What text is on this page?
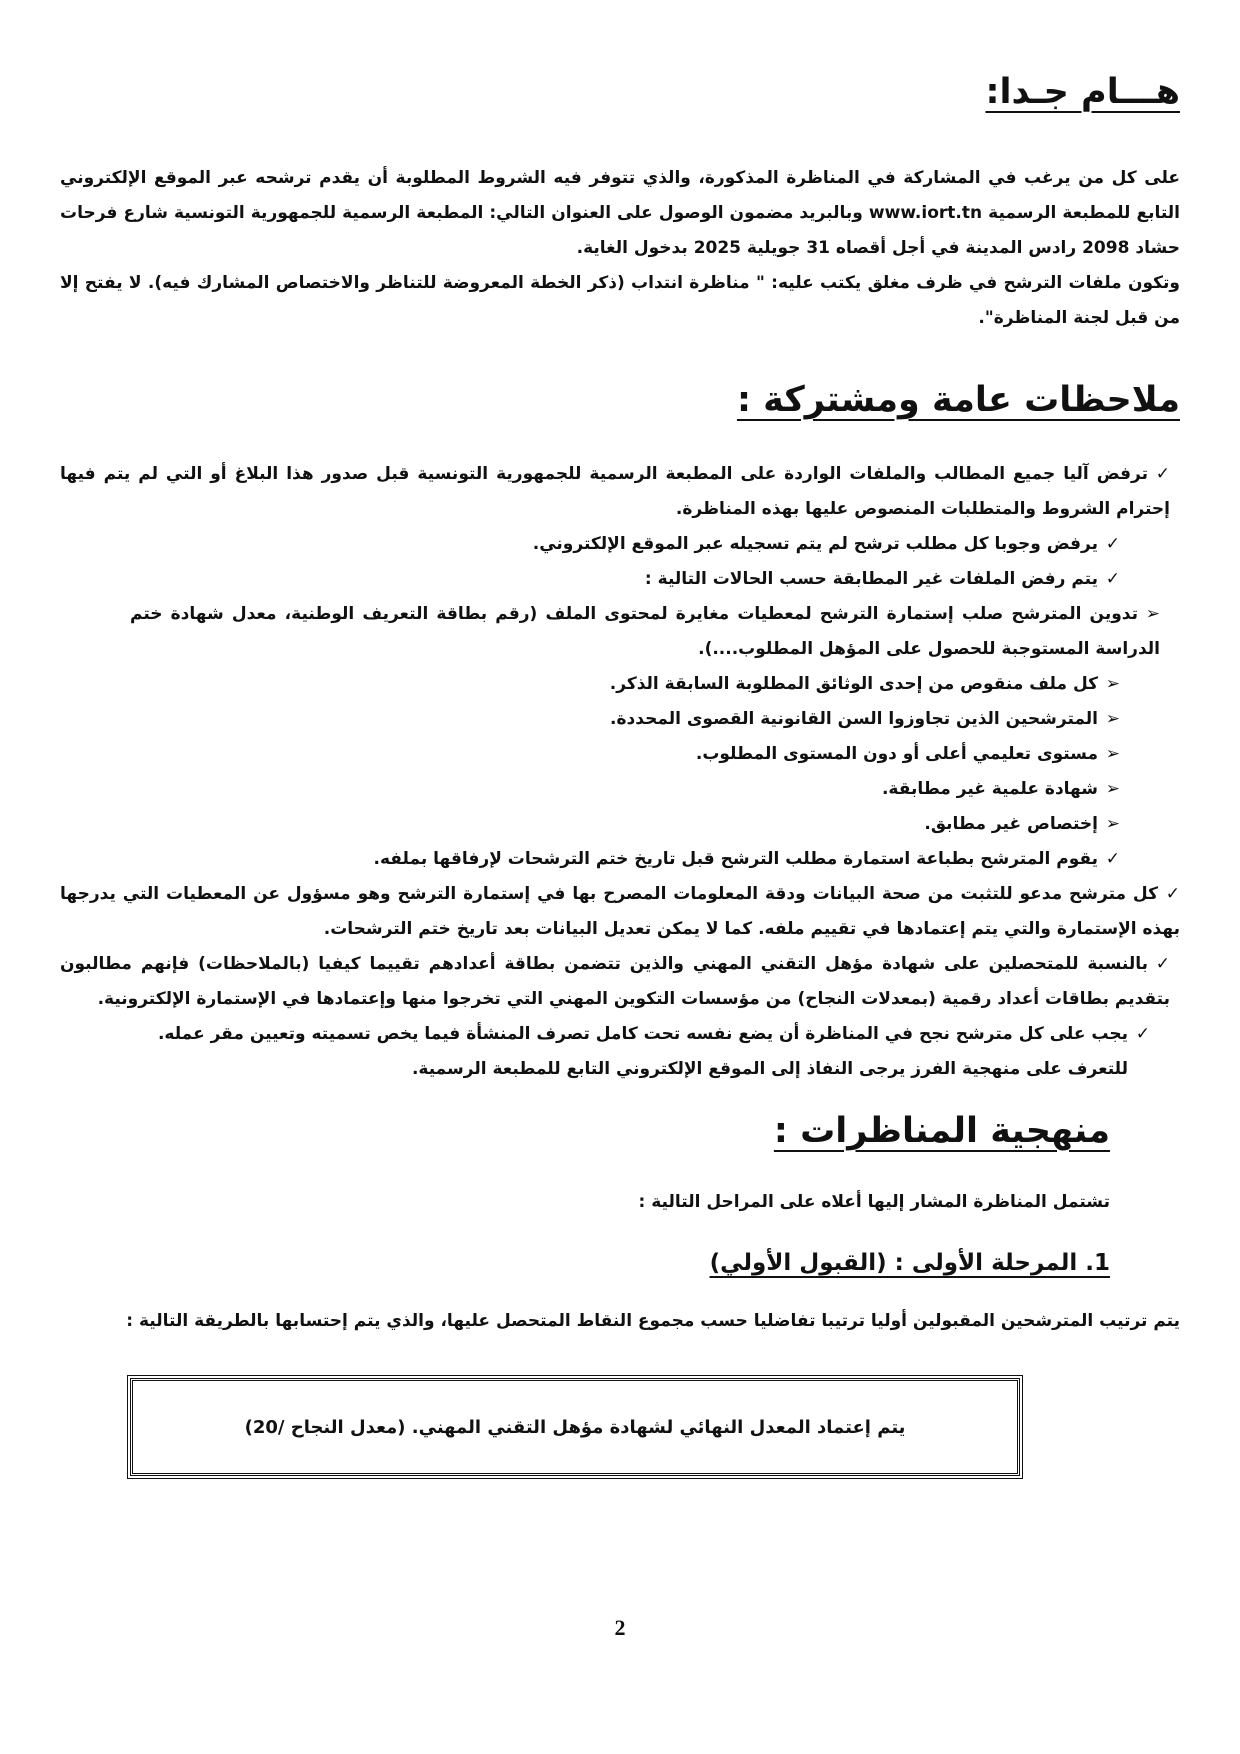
هـــام جـدا:

على كل من يرغب في المشاركة في المناظرة المذكورة، والذي تتوفر فيه الشروط المطلوبة أن يقدم ترشحه عبر الموقع الإلكتروني التابع للمطبعة الرسمية www.iort.tn وبالبريد مضمون الوصول على العنوان التالي: المطبعة الرسمية للجمهورية التونسية شارع فرحات حشاد 2098 رادس المدينة في أجل أقصاه 31 جويلية 2025 بدخول الغاية.

وتكون ملفات الترشح في ظرف مغلق يكتب عليه: " مناظرة انتداب (ذكر الخطة المعروضة للتناظر والاختصاص المشارك فيه). لا يفتح إلا من قبل لجنة المناظرة".

ملاحظات عامة ومشتركة :

✓ترفض آليا جميع المطالب والملفات الواردة على المطبعة الرسمية للجمهورية التونسية قبل صدور هذا البلاغ أو التي لم يتم فيها إحترام الشروط والمتطلبات المنصوص عليها بهذه المناظرة.

✓يرفض وجوبا كل مطلب ترشح لم يتم تسجيله عبر الموقع الإلكتروني.

✓يتم رفض الملفات غير المطابقة حسب الحالات التالية :

➢تدوين المترشح صلب إستمارة الترشح لمعطيات مغايرة لمحتوى الملف (رقم بطاقة التعريف الوطنية، معدل شهادة ختم الدراسة المستوجبة للحصول على المؤهل المطلوب....).

➢كل ملف منقوص من إحدى الوثائق المطلوبة السابقة الذكر.

➢المترشحين الذين تجاوزوا السن القانونية القصوى المحددة.

➢مستوى تعليمي أعلى أو دون المستوى المطلوب.

➢شهادة علمية غير مطابقة.

➢إختصاص غير مطابق.

✓يقوم المترشح بطباعة استمارة مطلب الترشح قبل تاريخ ختم الترشحات لإرفاقها بملفه.

✓كل مترشح مدعو للتثبت من صحة البيانات ودقة المعلومات المصرح بها في إستمارة الترشح وهو مسؤول عن المعطيات التي يدرجها بهذه الإستمارة والتي يتم إعتمادها في تقييم ملفه. كما لا يمكن تعديل البيانات بعد تاريخ ختم الترشحات.

✓بالنسبة للمتحصلين على شهادة مؤهل التقني المهني والذين تتضمن بطاقة أعدادهم تقييما كيفيا (بالملاحظات) فإنهم مطالبون بتقديم بطاقات أعداد رقمية (بمعدلات النجاح) من مؤسسات التكوين المهني التي تخرجوا منها وإعتمادها في الإستمارة الإلكترونية.

✓يجب على كل مترشح نجح في المناظرة أن يضع نفسه تحت كامل تصرف المنشأة فيما يخص تسميته وتعيين مقر عمله.

للتعرف على منهجية الفرز يرجى النفاذ إلى الموقع الإلكتروني التابع للمطبعة الرسمية.

منهجية المناظرات :

تشتمل المناظرة المشار إليها أعلاه على المراحل التالية :

1. المرحلة الأولى : (القبول الأولي)

يتم ترتيب المترشحين المقبولين أوليا ترتيبا تفاضليا حسب مجموع النقاط المتحصل عليها، والذي يتم إحتسابها بالطريقة التالية :

يتم إعتماد المعدل النهائي لشهادة مؤهل التقني المهني. (معدل النجاح /20)
2
